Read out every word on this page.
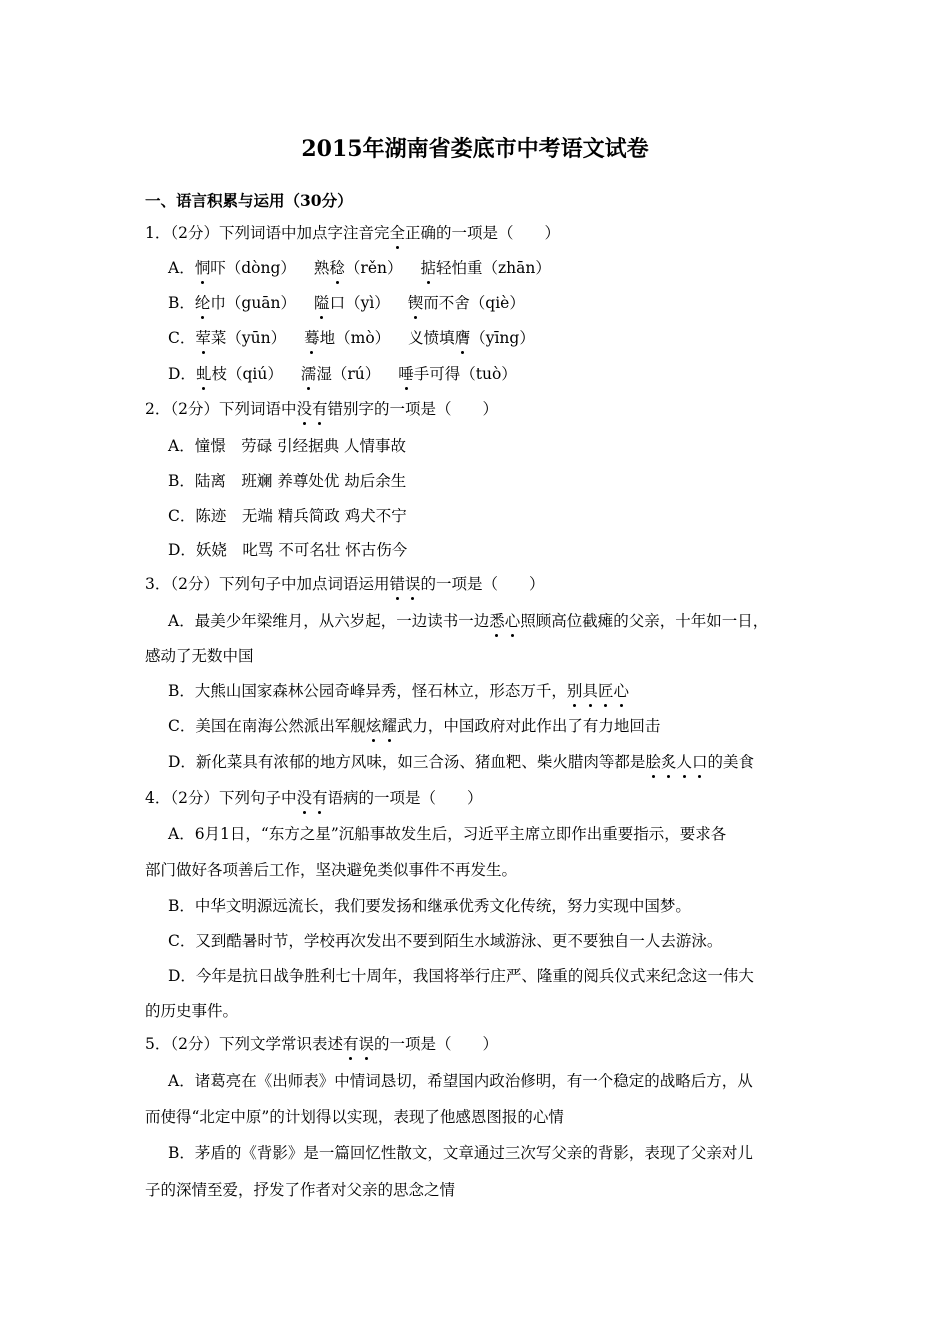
2015年湖南省娄底市中考语文试卷
一、语言积累与运用（30分）
1．（2分）下列词语中加点字注音完全正确的一项是（　　）
A．恫吓（dòng） 熟稔（rěn） 掂轻怕重（zhān）
B．纶巾（guān） 隘口（yì） 锲而不舍（qiè）
C．荤菜（yūn） 蓦地（mò） 义愤填膺（yīng）
D．虬枝（qiú） 濡湿（rú） 唾手可得（tuò）
2．（2分）下列词语中没有错别字的一项是（　　）
A．憧憬　劳碌 引经据典 人情事故
B．陆离　班斓 养尊处优 劫后余生
C．陈迹　无端 精兵简政 鸡犬不宁
D．妖娆　叱骂 不可名壮 怀古伤今
3．（2分）下列句子中加点词语运用错误的一项是（　　）
A．最美少年梁维月，从六岁起，一边读书一边悉心照顾高位截瘫的父亲，十年如一日，
感动了无数中国
B．大熊山国家森林公园奇峰异秀，怪石林立，形态万千，别具匠心
C．美国在南海公然派出军舰炫耀武力，中国政府对此作出了有力地回击
D．新化菜具有浓郁的地方风味，如三合汤、猪血粑、柴火腊肉等都是脍炙人口的美食
4．（2分）下列句子中没有语病的一项是（　　）
A．6月1日，“东方之星”沉船事故发生后，习近平主席立即作出重要指示，要求各
部门做好各项善后工作，坚决避免类似事件不再发生。
B．中华文明源远流长，我们要发扬和继承优秀文化传统，努力实现中国梦。
C．又到酷暑时节，学校再次发出不要到陌生水域游泳、更不要独自一人去游泳。
D．今年是抗日战争胜利七十周年，我国将举行庄严、隆重的阅兵仪式来纪念这一伟大
的历史事件。
5．（2分）下列文学常识表述有误的一项是（　　）
A．诸葛亮在《出师表》中情词恳切，希望国内政治修明，有一个稳定的战略后方，从
而使得“北定中原”的计划得以实现，表现了他感恩图报的心情
B．茅盾的《背影》是一篇回忆性散文，文章通过三次写父亲的背影，表现了父亲对儿
子的深情至爱，抒发了作者对父亲的思念之情
